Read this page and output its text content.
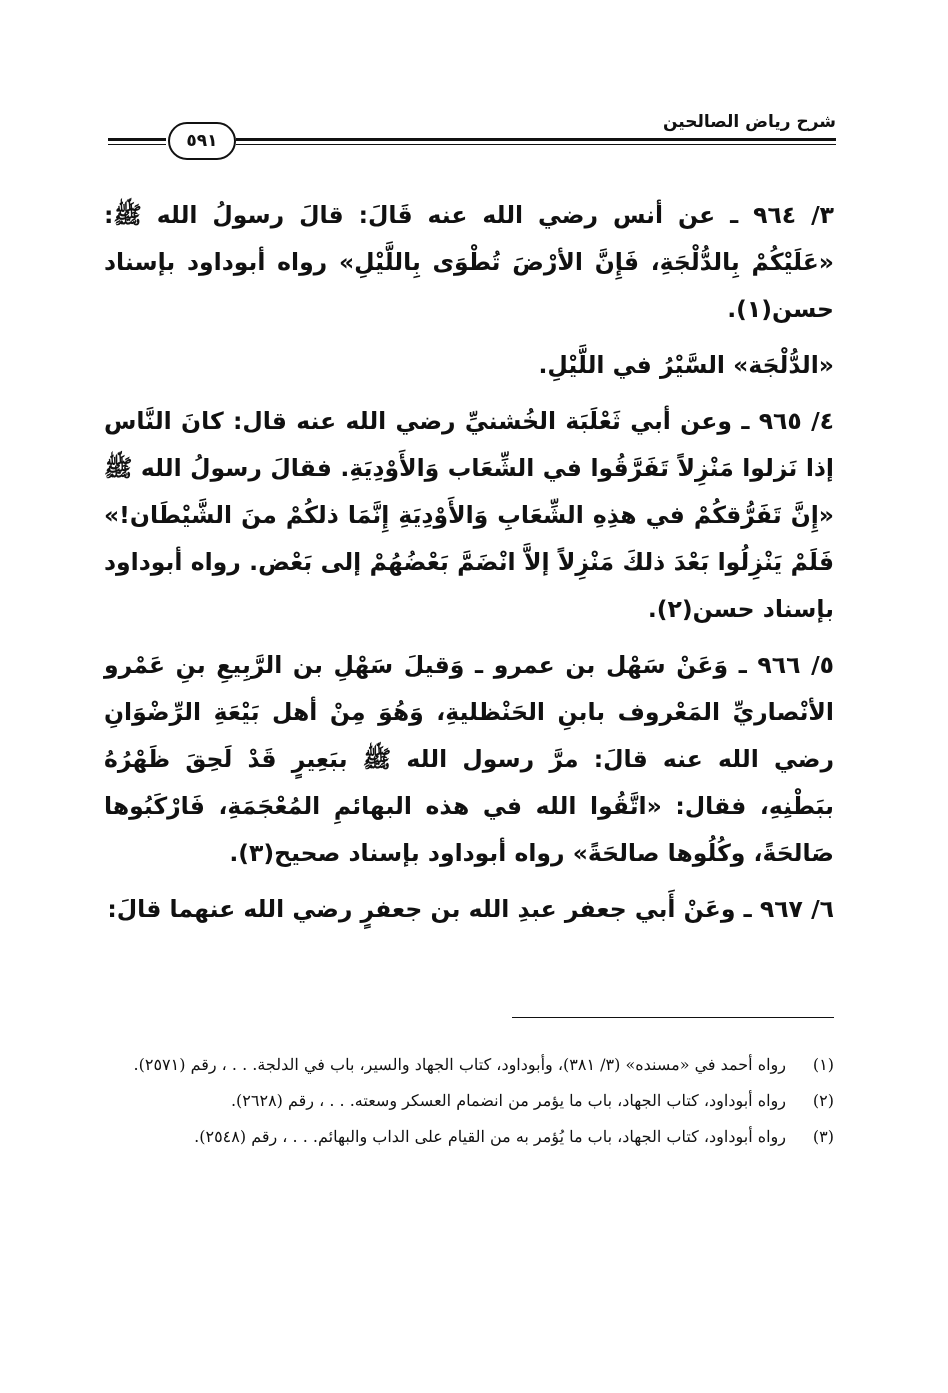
شرح رياض الصالحين
٥٩١

٣/ ٩٦٤ ـ عن أنس رضي الله عنه قَالَ: قالَ رسولُ الله ﷺ: «عَلَيْكُمْ بِالدُّلْجَةِ، فَإِنَّ الأرْضَ تُطْوَى بِاللَّيْلِ» رواه أبوداود بإسناد حسن(١).

«الدُّلْجَة» السَّيْرُ في اللَّيْلِ.

٤/ ٩٦٥ ـ وعن أبي ثَعْلَبَة الخُشنيِّ رضي الله عنه قال: كانَ النَّاس إذا نَزلوا مَنْزِلاً تَفَرَّقُوا في الشِّعَاب وَالأَوْدِيَةِ. فقالَ رسولُ الله ﷺ «إِنَّ تَفَرُّقكُمْ في هذِهِ الشِّعَابِ وَالأَوْدِيَةِ إِنَّمَا ذلكُمْ منَ الشَّيْطَان!» فَلَمْ يَنْزِلُوا بَعْدَ ذلكَ مَنْزِلاً إلاَّ انْضَمَّ بَعْضُهُمْ إلى بَعْض. رواه أبوداود بإسناد حسن(٢).

٥/ ٩٦٦ ـ وَعَنْ سَهْل بن عمرو ـ وَقيلَ سَهْلِ بن الرَّبِيعِ بنِ عَمْرو الأنْصاريِّ المَعْروف بابنِ الحَنْظليةِ، وَهُوَ مِنْ أهل بَيْعَةِ الرِّضْوَانِ رضي الله عنه قالَ: مرَّ رسول الله ﷺ ببَعِيرٍ قَدْ لَحِقَ ظَهْرُهُ ببَطْنِهِ، فقال: «اتَّقُوا الله في هذه البهائمِ المُعْجَمَةِ، فَارْكَبُوها صَالحَةً، وكُلُوها صالحَةً» رواه أبوداود بإسناد صحيح(٣).

٦/ ٩٦٧ ـ وعَنْ أَبي جعفر عبدِ الله بن جعفرٍ رضي الله عنهما قالَ:

(١)
رواه أحمد في «مسنده» (٣/ ٣٨١)، وأبوداود، كتاب الجهاد والسير، باب في الدلجة. . . ، رقم (٢٥٧١).
(٢)
رواه أبوداود، كتاب الجهاد، باب ما يؤمر من انضمام العسكر وسعته. . . ، رقم (٢٦٢٨).
(٣)
رواه أبوداود، كتاب الجهاد، باب ما يُؤمر به من القيام على الداب والبهائم. . . ، رقم (٢٥٤٨).
